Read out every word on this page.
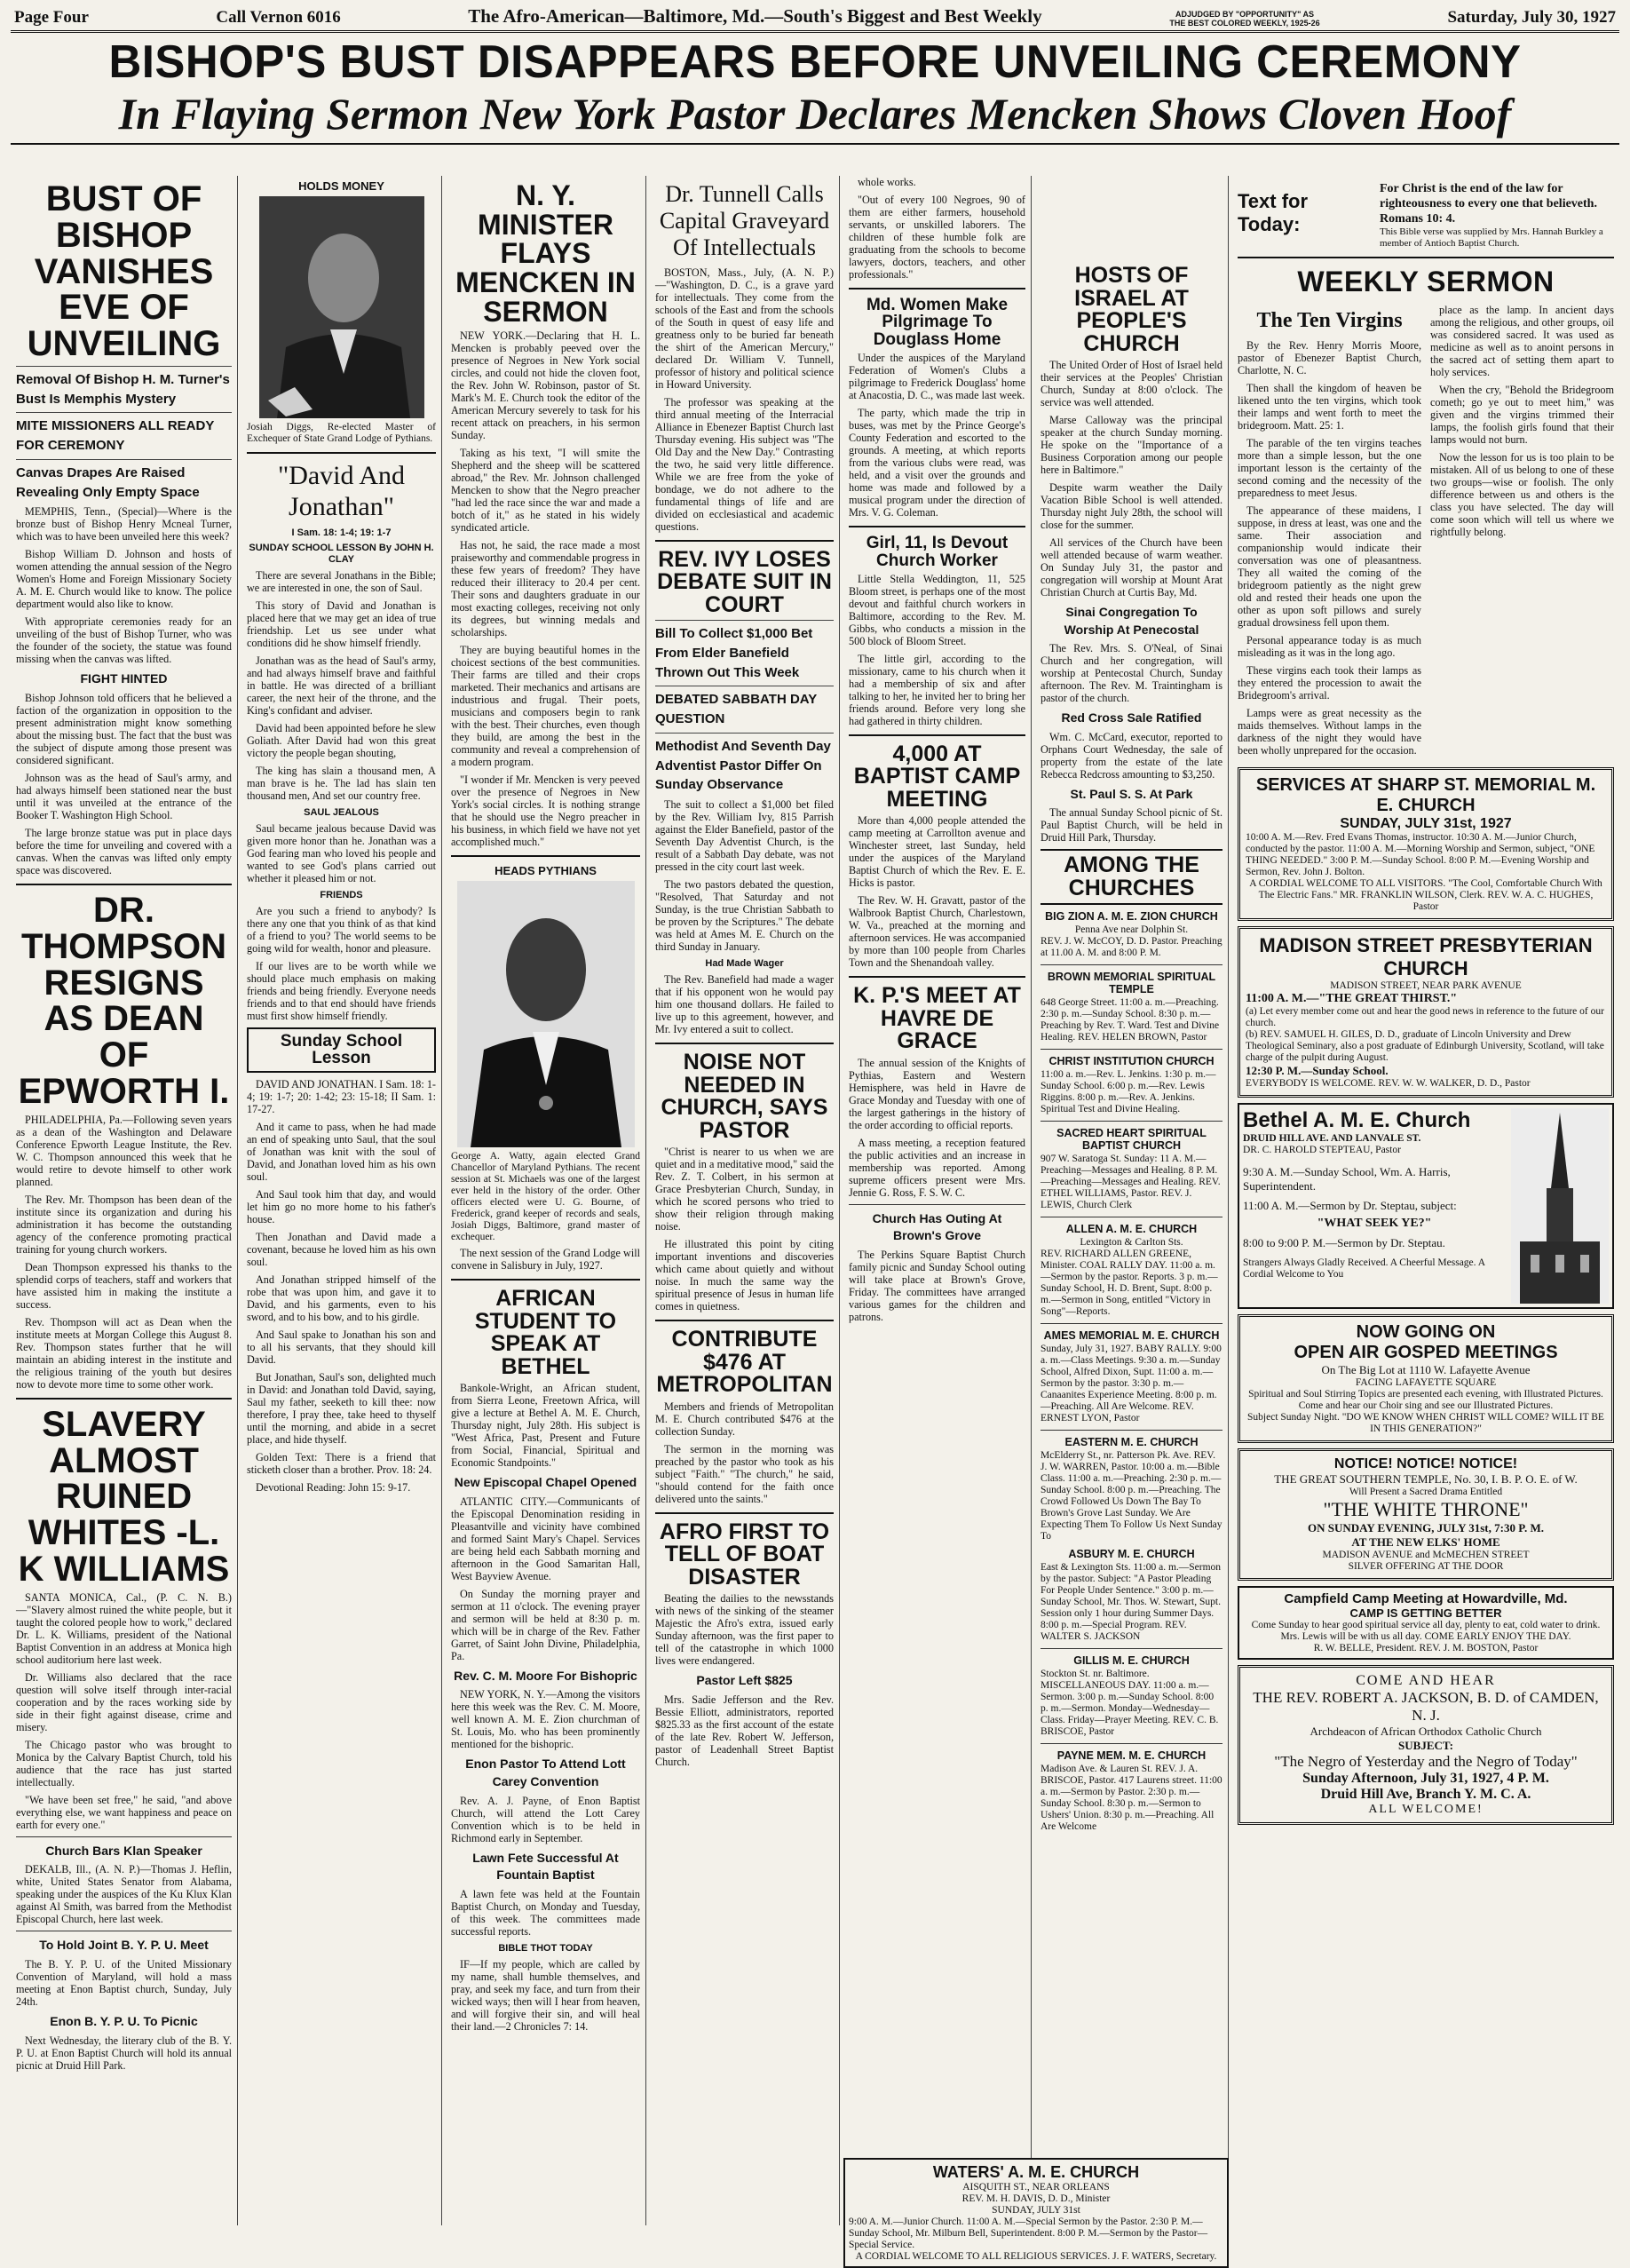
Page Four	Call Vernon 6016	The Afro-American—Baltimore, Md.—South's Biggest and Best Weekly	ADJUDGED BY "OPPORTUNITY" AS THE BEST COLORED WEEKLY, 1925-26	Saturday, July 30, 1927
BISHOP'S BUST DISAPPEARS BEFORE UNVEILING CEREMONY
In Flaying Sermon New York Pastor Declares Mencken Shows Cloven Hoof
BUST OF BISHOP VANISHES EVE OF UNVEILING
Removal Of Bishop H. M. Turner's Bust Is Memphis Mystery
MITE MISSIONERS ALL READY FOR CEREMONY
Canvas Drapes Are Raised Revealing Only Empty Space

MEMPHIS, Tenn., (Special)—Where is the bronze bust of Bishop Henry Mcneal Turner, which was to have been unveiled here this week?

Bishop William D. Johnson and hosts of women attending the annual session of the Negro Women's Home and Foreign Missionary Society A. M. E. Church would like to know. The police department would also like to know.

With appropriate ceremonies ready for an unveiling of the bust of Bishop Turner, who was the founder of the society, the statue was found missing when the canvas was lifted.

FIGHT HINTED

Bishop Johnson told officers that he believed a faction of the organization in opposition to the present administration might know something about the missing bust. The fact that the bust was the subject of dispute among those present was considered significant.

Johnson was as the head of Saul's army, and had always himself been stationed near the bust until it was unveiled at the entrance of the Booker T. Washington High School.

The large bronze statue was put in place days before the time for unveiling and covered with a canvas. When the canvas was lifted only empty space was discovered.

DR. THOMPSON RESIGNS AS DEAN OF EPWORTH I.

PHILADELPHIA, Pa.—Following seven years as a dean of the Washington and Delaware Conference Epworth League Institute, the Rev. W. C. Thompson announced this week that he would retire to devote himself to other work planned.

The Rev. Mr. Thompson has been dean of the institute since its organization and during his administration it has become the outstanding agency of the conference promoting practical training for young church workers.

Dean Thompson expressed his thanks to the splendid corps of teachers, staff and workers that have assisted him in making the institute a success.

Rev. Thompson will act as Dean when the institute meets at Morgan College this August 8. Rev. Thompson states further that he will maintain an abiding interest in the institute and the religious training of the youth but desires now to devote more time to some other work.

SLAVERY ALMOST RUINED WHITES -L. K WILLIAMS

SANTA MONICA, Cal., (P. C. N. B.)—"Slavery almost ruined the white people, but it taught the colored people how to work," declared Dr. L. K. Williams, president of the National Baptist Convention in an address at Monica high school auditorium here last week.

Dr. Williams also declared that the race question will solve itself through inter-racial cooperation and by the races working side by side in their fight against disease, crime and misery.

The Chicago pastor who was brought to Monica by the Calvary Baptist Church, told his audience that the race has just started intellectually.

"We have been set free," he said, "and above everything else, we want happiness and peace on earth for every one."

Church Bars Klan Speaker

DEKALB, Ill., (A. N. P.)—Thomas J. Heflin, white, United States Senator from Alabama, speaking under the auspices of the Ku Klux Klan against Al Smith, was barred from the Methodist Episcopal Church, here last week.

To Hold Joint B. Y. P. U. Meet

The B. Y. P. U. of the United Missionary Convention of Maryland, will hold a mass meeting at Enon Baptist church, Sunday, July 24th.

Enon B. Y. P. U. To Picnic

Next Wednesday, the literary club of the B. Y. P. U. at Enon Baptist Church will hold its annual picnic at Druid Hill Park.

HOLDS MONEY

Josiah Diggs, Re-elected Master of Exchequer of State Grand Lodge of Pythians.

"David And Jonathan"
I Sam. 18: 1-4; 19: 1-7
SUNDAY SCHOOL LESSON By JOHN H. CLAY

There are several Jonathans in the Bible; we are interested in one, the son of Saul.

This story of David and Jonathan is placed here that we may get an idea of true friendship. Let us see under what conditions did he show himself friendly.

Jonathan was as the head of Saul's army, and had always himself brave and faithful in battle. He was directed of a brilliant career, the next heir of the throne, and the King's confidant and adviser.

David had been appointed before he slew Goliath. After David had won this great victory the people began shouting,

The king has slain a thousand men, A man brave is he. The lad has slain ten thousand men, And set our country free.

SAUL JEALOUS

Saul became jealous because David was given more honor than he. Jonathan was a God fearing man who loved his people and wanted to see God's plans carried out whether it pleased him or not.

FRIENDS

Are you such a friend to anybody? Is there any one that you think of as that kind of a friend to you? The world seems to be going wild for wealth, honor and pleasure.

If our lives are to be worth while we should place much emphasis on making friends and being friendly. Everyone needs friends and to that end should have friends must first show himself friendly.

Sunday School Lesson

DAVID AND JONATHAN. I Sam. 18: 1-4; 19: 1-7; 20: 1-42; 23: 15-18; II Sam. 1: 17-27.

And it came to pass, when he had made an end of speaking unto Saul, that the soul of Jonathan was knit with the soul of David, and Jonathan loved him as his own soul.

And Saul took him that day, and would let him go no more home to his father's house.

Then Jonathan and David made a covenant, because he loved him as his own soul.

And Jonathan stripped himself of the robe that was upon him, and gave it to David, and his garments, even to his sword, and to his bow, and to his girdle.

And Saul spake to Jonathan his son and to all his servants, that they should kill David.

But Jonathan, Saul's son, delighted much in David: and Jonathan told David, saying, Saul my father, seeketh to kill thee: now therefore, I pray thee, take heed to thyself until the morning, and abide in a secret place, and hide thyself.

Golden Text: There is a friend that sticketh closer than a brother. Prov. 18: 24.

Devotional Reading: John 15: 9-17.

N. Y. MINISTER FLAYS MENCKEN IN SERMON

NEW YORK.—Declaring that H. L. Mencken is probably peeved over the presence of Negroes in New York social circles, and could not hide the cloven foot, the Rev. John W. Robinson, pastor of St. Mark's M. E. Church took the editor of the American Mercury severely to task for his recent attack on preachers, in his sermon Sunday.

Taking as his text, "I will smite the Shepherd and the sheep will be scattered abroad," the Rev. Mr. Johnson challenged Mencken to show that the Negro preacher "had led the race since the war and made a botch of it," as he stated in his widely syndicated article.

Has not, he said, the race made a most praiseworthy and commendable progress in these few years of freedom? They have reduced their illiteracy to 20.4 per cent. Their sons and daughters graduate in our most exacting colleges, receiving not only its degrees, but winning medals and scholarships.

They are buying beautiful homes in the choicest sections of the best communities. Their farms are tilled and their crops marketed. Their mechanics and artisans are industrious and frugal. Their poets, musicians and composers begin to rank with the best. Their churches, even though they build, are among the best in the community and reveal a comprehension of a modern program.

"I wonder if Mr. Mencken is very peeved over the presence of Negroes in New York's social circles. It is nothing strange that he should use the Negro preacher in his business, in which field we have not yet accomplished much."

HEADS PYTHIANS

George A. Watty, again elected Grand Chancellor of Maryland Pythians. The recent session at St. Michaels was one of the largest ever held in the history of the order. Other officers elected were U. G. Bourne, of Frederick, grand keeper of records and seals, Josiah Diggs, Baltimore, grand master of exchequer.

The next session of the Grand Lodge will convene in Salisbury in July, 1927.

AFRICAN STUDENT TO SPEAK AT BETHEL

Bankole-Wright, an African student, from Sierra Leone, Freetown Africa, will give a lecture at Bethel A. M. E. Church, Thursday night, July 28th. His subject is "West Africa, Past, Present and Future from Social, Financial, Spiritual and Economic Standpoints."

New Episcopal Chapel Opened

ATLANTIC CITY.—Communicants of the Episcopal Denomination residing in Pleasantville and vicinity have combined and formed Saint Mary's Chapel. Services are being held each Sabbath morning and afternoon in the Good Samaritan Hall, West Bayview Avenue.

On Sunday the morning prayer and sermon at 11 o'clock. The evening prayer and sermon will be held at 8:30 p. m. which will be in charge of the Rev. Father Garret, of Saint John Divine, Philadelphia, Pa.

Rev. C. M. Moore For Bishopric

NEW YORK, N. Y.—Among the visitors here this week was the Rev. C. M. Moore, well known A. M. E. Zion churchman of St. Louis, Mo. who has been prominently mentioned for the bishopric.

Enon Pastor To Attend Lott Carey Convention

Rev. A. J. Payne, of Enon Baptist Church, will attend the Lott Carey Convention which is to be held in Richmond early in September.

Lawn Fete Successful At Fountain Baptist

A lawn fete was held at the Fountain Baptist Church, on Monday and Tuesday, of this week. The committees made successful reports.

BIBLE THOT TODAY

IF—If my people, which are called by my name, shall humble themselves, and pray, and seek my face, and turn from their wicked ways; then will I hear from heaven, and will forgive their sin, and will heal their land.—2 Chronicles 7: 14.

Dr. Tunnell Calls Capital Graveyard Of Intellectuals

BOSTON, Mass., July, (A. N. P.)—"Washington, D. C., is a grave yard for intellectuals. They come from the schools of the East and from the schools of the South in quest of easy life and greatness only to be buried far beneath the shirt of the American Mercury," declared Dr. William V. Tunnell, professor of history and political science in Howard University.

The professor was speaking at the third annual meeting of the Interracial Alliance in Ebenezer Baptist Church last Thursday evening. His subject was "The Old Day and the New Day." Contrasting the two, he said very little difference. While we are free from the yoke of bondage, we do not adhere to the fundamental things of life and are divided on ecclesiastical and academic questions.

REV. IVY LOSES DEBATE SUIT IN COURT
Bill To Collect $1,000 Bet From Elder Banefield Thrown Out This Week
DEBATED SABBATH DAY QUESTION
Methodist And Seventh Day Adventist Pastor Differ On Sunday Observance

The suit to collect a $1,000 bet filed by the Rev. William Ivy, 815 Parrish against the Elder Banefield, pastor of the Seventh Day Adventist Church, is the result of a Sabbath Day debate, was not pressed in the city court last week.

The two pastors debated the question, "Resolved, That Saturday and not Sunday, is the true Christian Sabbath to be proven by the Scriptures." The debate was held at Ames M. E. Church on the third Sunday in January.

Had Made Wager

The Rev. Banefield had made a wager that if his opponent won he would pay him one thousand dollars. He failed to live up to this agreement, however, and Mr. Ivy entered a suit to collect.

NOISE NOT NEEDED IN CHURCH, SAYS PASTOR

"Christ is nearer to us when we are quiet and in a meditative mood," said the Rev. Z. T. Colbert, in his sermon at Grace Presbyterian Church, Sunday, in which he scored persons who tried to show their religion through making noise.

He illustrated this point by citing important inventions and discoveries which came about quietly and without noise. In much the same way the spiritual presence of Jesus in human life comes in quietness.

CONTRIBUTE $476 AT METROPOLITAN

Members and friends of Metropolitan M. E. Church contributed $476 at the collection Sunday.

The sermon in the morning was preached by the pastor who took as his subject "Faith." "The church," he said, "should contend for the faith once delivered unto the saints."

AFRO FIRST TO TELL OF BOAT DISASTER

Beating the dailies to the newsstands with news of the sinking of the steamer Majestic the Afro's extra, issued early Sunday afternoon, was the first paper to tell of the catastrophe in which 1000 lives were endangered.

Pastor Left $825

Mrs. Sadie Jefferson and the Rev. Bessie Elliott, administrators, reported $825.33 as the first account of the estate of the late Rev. Robert W. Jefferson, pastor of Leadenhall Street Baptist Church.

whole works.

"Out of every 100 Negroes, 90 of them are either farmers, household servants, or unskilled laborers. The children of these humble folk are graduating from the schools to become lawyers, doctors, teachers, and other professionals."

Md. Women Make Pilgrimage To Douglass Home

Under the auspices of the Maryland Federation of Women's Clubs a pilgrimage to Frederick Douglass' home at Anacostia, D. C., was made last week.

The party, which made the trip in buses, was met by the Prince George's County Federation and escorted to the grounds. A meeting, at which reports from the various clubs were read, was held, and a visit over the grounds and home was made and followed by a musical program under the direction of Mrs. V. G. Coleman.

Girl, 11, Is Devout Church Worker

Little Stella Weddington, 11, 525 Bloom street, is perhaps one of the most devout and faithful church workers in Baltimore, according to the Rev. M. Gibbs, who conducts a mission in the 500 block of Bloom Street.

The little girl, according to the missionary, came to his church when it had a membership of six and after talking to her, he invited her to bring her friends around. Before very long she had gathered in thirty children.

4,000 AT BAPTIST CAMP MEETING

More than 4,000 people attended the camp meeting at Carrollton avenue and Winchester street, last Sunday, held under the auspices of the Maryland Baptist Church of which the Rev. E. E. Hicks is pastor.

The Rev. W. H. Gravatt, pastor of the Walbrook Baptist Church, Charlestown, W. Va., preached at the morning and afternoon services. He was accompanied by more than 100 people from Charles Town and the Shenandoah valley.

K. P.'S MEET AT HAVRE DE GRACE

The annual session of the Knights of Pythias, Eastern and Western Hemisphere, was held in Havre de Grace Monday and Tuesday with one of the largest gatherings in the history of the order according to official reports.

A mass meeting, a reception featured the public activities and an increase in membership was reported. Among supreme officers present were Mrs. Jennie G. Ross, F. S. W. C.

Church Has Outing At Brown's Grove

The Perkins Square Baptist Church family picnic and Sunday School outing will take place at Brown's Grove, Friday. The committees have arranged various games for the children and patrons.

HOSTS OF ISRAEL AT PEOPLE'S CHURCH

The United Order of Host of Israel held their services at the Peoples' Christian Church, Sunday at 8:00 o'clock. The service was well attended.

Marse Calloway was the principal speaker at the church Sunday morning. He spoke on the "Importance of a Business Corporation among our people here in Baltimore."

Despite warm weather the Daily Vacation Bible School is well attended. Thursday night July 28th, the school will close for the summer.

All services of the Church have been well attended because of warm weather. On Sunday July 31, the pastor and congregation will worship at Mount Arat Christian Church at Curtis Bay, Md.

Sinai Congregation To Worship At Penecostal

The Rev. Mrs. S. O'Neal, of Sinai Church and her congregation, will worship at Pentecostal Church, Sunday afternoon. The Rev. M. Traintingham is pastor of the church.

Red Cross Sale Ratified

Wm. C. McCard, executor, reported to Orphans Court Wednesday, the sale of property from the estate of the late Rebecca Redcross amounting to $3,250.

St. Paul S. S. At Park

The annual Sunday School picnic of St. Paul Baptist Church, will be held in Druid Hill Park, Thursday.

AMONG THE CHURCHES
BIG ZION A. M. E. ZION CHURCH
Penna Ave near Dolphin St.
REV. J. W. McCOY, D. D. Pastor. Preaching at 11.00 A. M. and 8:00 P. M.
BROWN MEMORIAL SPIRITUAL TEMPLE
648 George Street. 11:00 a. m.—Preaching. 2:30 p. m.—Sunday School. 8:30 p. m.—Preaching by Rev. T. Ward. Test and Divine Healing. REV. HELEN BROWN, Pastor
CHRIST INSTITUTION CHURCH
11:00 a. m.—Rev. L. Jenkins. 1:30 p. m.—Sunday School. 6:00 p. m.—Rev. Lewis Riggins. 8:00 p. m.—Rev. A. Jenkins. Spiritual Test and Divine Healing.
SACRED HEART SPIRITUAL BAPTIST CHURCH
907 W. Saratoga St. Sunday: 11 A. M.—Preaching—Messages and Healing. 8 P. M.—Preaching—Messages and Healing. REV. ETHEL WILLIAMS, Pastor. REV. J. LEWIS, Church Clerk
ALLEN A. M. E. CHURCH
Lexington & Carlton Sts.
REV. RICHARD ALLEN GREENE, Minister. COAL RALLY DAY. 11:00 a. m.—Sermon by the pastor. Reports. 3 p. m.—Sunday School, H. D. Brent, Supt. 8:00 p. m.—Sermon in Song, entitled "Victory in Song"—Reports.
AMES MEMORIAL M. E. CHURCH
Sunday, July 31, 1927. BABY RALLY. 9:00 a. m.—Class Meetings. 9:30 a. m.—Sunday School, Alfred Dixon, Supt. 11:00 a. m.—Sermon by the pastor. 3:30 p. m.—Canaanites Experience Meeting. 8:00 p. m.—Preaching. All Are Welcome. REV. ERNEST LYON, Pastor
EASTERN M. E. CHURCH
McElderry St., nr. Patterson Pk. Ave. REV. J. W. WARREN, Pastor. 10:00 a. m.—Bible Class. 11:00 a. m.—Preaching. 2:30 p. m.—Sunday School. 8:00 p. m.—Preaching. The Crowd Followed Us Down The Bay To Brown's Grove Last Sunday. We Are Expecting Them To Follow Us Next Sunday To
ASBURY M. E. CHURCH
East & Lexington Sts. 11:00 a. m.—Sermon by the pastor. Subject: "A Pastor Pleading For People Under Sentence." 3:00 p. m.—Sunday School, Mr. Thos. W. Stewart, Supt. Session only 1 hour during Summer Days. 8:00 p. m.—Special Program. REV. WALTER S. JACKSON
GILLIS M. E. CHURCH
Stockton St. nr. Baltimore. MISCELLANEOUS DAY. 11:00 a. m.—Sermon. 3:00 p. m.—Sunday School. 8:00 p. m.—Sermon. Monday—Wednesday—Class. Friday—Prayer Meeting. REV. C. B. BRISCOE, Pastor
PAYNE MEM. M. E. CHURCH
Madison Ave. & Lauren St. REV. J. A. BRISCOE, Pastor. 417 Laurens street. 11:00 a. m.—Sermon by Pastor. 2:30 p. m.—Sunday School. 8:30 p. m.—Sermon to Ushers' Union. 8:30 p. m.—Preaching. All Are Welcome
Text for Today:
For Christ is the end of the law for righteousness to every one that believeth. Romans 10: 4.
This Bible verse was supplied by Mrs. Hannah Burkley a member of Antioch Baptist Church.
WEEKLY SERMON
The Ten Virgins

By the Rev. Henry Morris Moore, pastor of Ebenezer Baptist Church, Charlotte, N. C.

Then shall the kingdom of heaven be likened unto the ten virgins, which took their lamps and went forth to meet the bridegroom. Matt. 25: 1.

The parable of the ten virgins teaches more than a simple lesson, but the one important lesson is the certainty of the second coming and the necessity of the preparedness to meet Jesus.

The appearance of these maidens, I suppose, in dress at least, was one and the same. Their association and companionship would indicate their conversation was one of pleasantness. They all waited the coming of the bridegroom patiently as the night grew old and rested their heads one upon the other as upon soft pillows and surely gradual drowsiness fell upon them.

Personal appearance today is as much misleading as it was in the long ago.

These virgins each took their lamps as they entered the procession to await the Bridegroom's arrival.

Lamps were as great necessity as the maids themselves. Without lamps in the darkness of the night they would have been wholly unprepared for the occasion.

place as the lamp. In ancient days among the religious, and other groups, oil was considered sacred. It was used as medicine as well as to anoint persons in the sacred act of setting them apart to holy services.

When the cry, "Behold the Bridegroom cometh; go ye out to meet him," was given and the virgins trimmed their lamps, the foolish girls found that their lamps would not burn.

Now the lesson for us is too plain to be mistaken. All of us belong to one of these two groups—wise or foolish. The only difference between us and others is the class you have selected. The day will come soon which will tell us where we rightfully belong.

SERVICES AT SHARP ST. MEMORIAL M. E. CHURCH
SUNDAY, JULY 31st, 1927
10:00 A. M.—Rev. Fred Evans Thomas, instructor. 10:30 A. M.—Junior Church, conducted by the pastor. 11:00 A. M.—Morning Worship and Sermon, subject, "ONE THING NEEDED." 3:00 P. M.—Sunday School. 8:00 P. M.—Evening Worship and Sermon, Rev. John J. Bolton.
A CORDIAL WELCOME TO ALL VISITORS. "The Cool, Comfortable Church With The Electric Fans." MR. FRANKLIN WILSON, Clerk. REV. W. A. C. HUGHES, Pastor
MADISON STREET PRESBYTERIAN CHURCH
MADISON STREET, NEAR PARK AVENUE
11:00 A. M.—"THE GREAT THIRST."
(a) Let every member come out and hear the good news in reference to the future of our church.
(b) REV. SAMUEL H. GILES, D. D., graduate of Lincoln University and Drew Theological Seminary, also a post graduate of Edinburgh University, Scotland, will take charge of the pulpit during August.
12:30 P. M.—Sunday School.
EVERYBODY IS WELCOME. REV. W. W. WALKER, D. D., Pastor
Bethel A. M. E. Church
DRUID HILL AVE. AND LANVALE ST.
DR. C. HAROLD STEPTEAU, Pastor
9:30 A. M.—Sunday School, Wm. A. Harris, Superintendent.
11:00 A. M.—Sermon by Dr. Steptau, subject:
"WHAT SEEK YE?"
8:00 to 9:00 P. M.—Sermon by Dr. Steptau.
Strangers Always Gladly Received. A Cheerful Message. A Cordial Welcome to You
NOW GOING ON
OPEN AIR GOSPED MEETINGS
On The Big Lot at 1110 W. Lafayette Avenue
FACING LAFAYETTE SQUARE
Spiritual and Soul Stirring Topics are presented each evening, with Illustrated Pictures. Come and hear our Choir sing and see our Illustrated Pictures.
Subject Sunday Night. "DO WE KNOW WHEN CHRIST WILL COME? WILL IT BE IN THIS GENERATION?"
NOTICE! NOTICE! NOTICE!
THE GREAT SOUTHERN TEMPLE, No. 30, I. B. P. O. E. of W.
Will Present a Sacred Drama Entitled
"THE WHITE THRONE"
ON SUNDAY EVENING, JULY 31st, 7:30 P. M.
AT THE NEW ELKS' HOME
MADISON AVENUE and McMECHEN STREET
SILVER OFFERING AT THE DOOR
Campfield Camp Meeting at Howardville, Md.
CAMP IS GETTING BETTER
Come Sunday to hear good spiritual service all day, plenty to eat, cold water to drink. Mrs. Lewis will be with us all day. COME EARLY ENJOY THE DAY.
R. W. BELLE, President. REV. J. M. BOSTON, Pastor
COME AND HEAR
THE REV. ROBERT A. JACKSON, B. D. of CAMDEN, N. J.
Archdeacon of African Orthodox Catholic Church
SUBJECT:
"The Negro of Yesterday and the Negro of Today"
Sunday Afternoon, July 31, 1927, 4 P. M.
Druid Hill Ave, Branch Y. M. C. A.
ALL WELCOME!
WATERS' A. M. E. CHURCH
AISQUITH ST., NEAR ORLEANS
REV. M. H. DAVIS, D. D., Minister
SUNDAY, JULY 31st
9:00 A. M.—Junior Church. 11:00 A. M.—Special Sermon by the Pastor. 2:30 P. M.—Sunday School, Mr. Milburn Bell, Superintendent. 8:00 P. M.—Sermon by the Pastor—Special Service.
A CORDIAL WELCOME TO ALL RELIGIOUS SERVICES. J. F. WATERS, Secretary.
